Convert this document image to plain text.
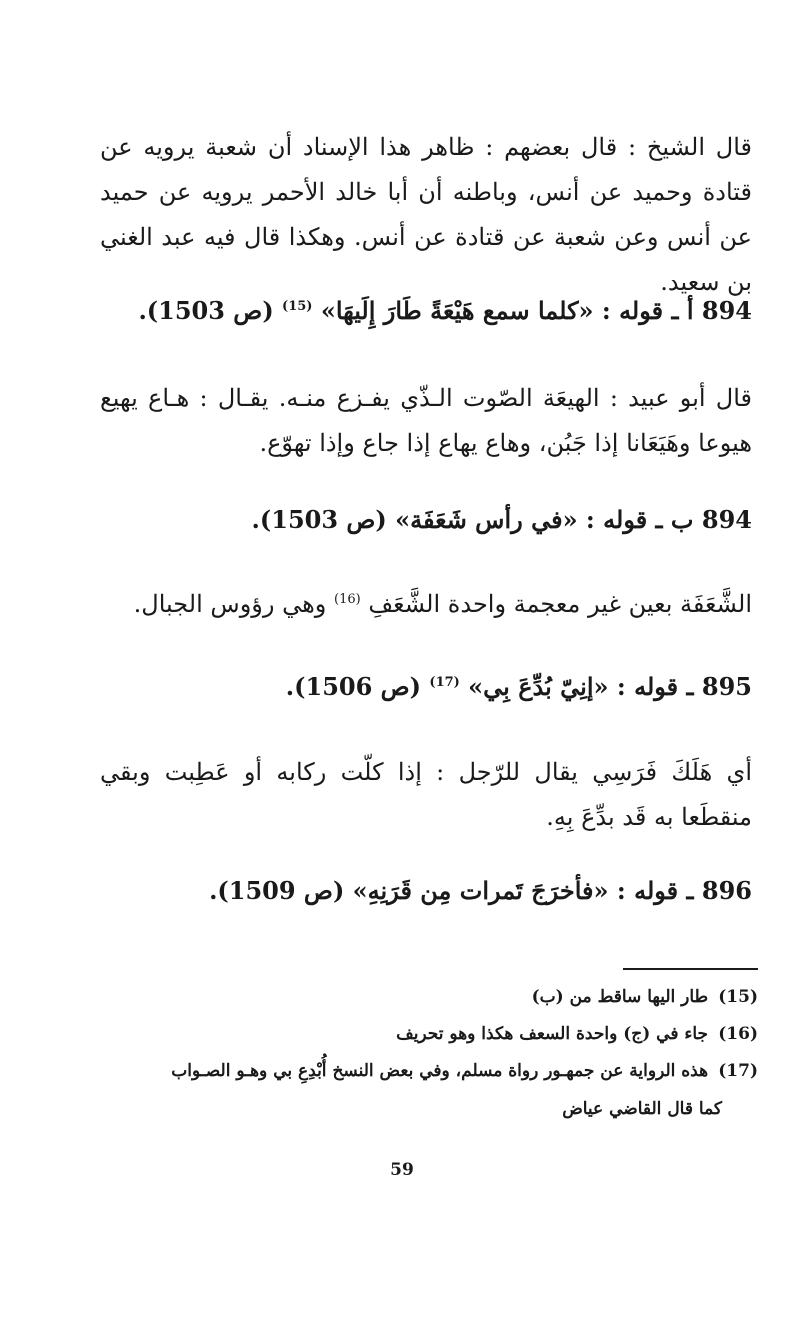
قال الشيخ : قال بعضهم : ظاهر هذا الإسناد أن شعبة يرويه عن قتادة وحميد عن أنس، وباطنه أن أبا خالد الأحمر يرويه عن حميد عن أنس وعن شعبة عن قتادة عن أنس. وهكذا قال فيه عبد الغني بن سعيد.

894 أ ـ قوله : «كلما سمع هَيْعَةً طَارَ إِلَيهَا» $^{(15)}$ (ص 1503).

قال أبو عبيد : الهيعَة الصّوت الـذّي يفـزع منـه. يقـال : هـاع يهيع هيوعا وهَيَعَانا إذا جَبُن، وهاع يهاع إذا جاع وإذا تهوّع.

894 ب ـ قوله : «في رأس شَعَفَة» (ص 1503).

الشَّعَفَة بعين غير معجمة واحدة الشَّعَفِ $^{(16)}$ وهي رؤوس الجبال.

895 ـ قوله : «إنِيّ بُدِّعَ بِي» $^{(17)}$ (ص 1506).

أي هَلَكَ فَرَسِي يقال للرّجل : إذا كلّت ركابه أو عَطِبت وبقي منقطَعا به قَد بدِّعَ بِهِ.

896 ـ قوله : «فأخرَجَ تَمرات مِن قَرَنِهِ» (ص 1509).

(15) طار اليها ساقط من (ب)

(16) جاء في (ج) واحدة السعف هكذا وهو تحريف

(17) هذه الرواية عن جمهـور رواة مسلم، وفي بعض النسخ أُبْدِعِ بي وهـو الصـواب

كما قال القاضي عياض
59
